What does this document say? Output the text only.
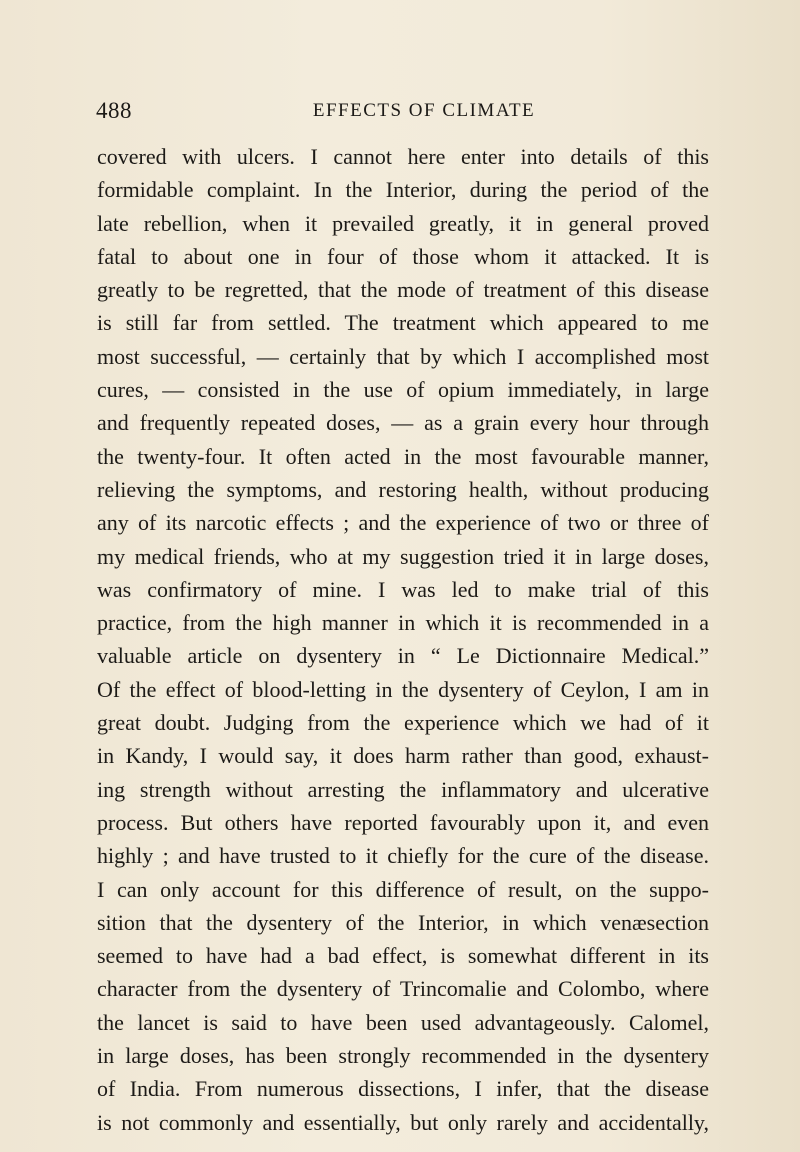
488	EFFECTS OF CLIMATE
covered with ulcers. I cannot here enter into details of this
formidable complaint. In the Interior, during the period of the
late rebellion, when it prevailed greatly, it in general proved
fatal to about one in four of those whom it attacked. It is
greatly to be regretted, that the mode of treatment of this disease
is still far from settled. The treatment which appeared to me
most successful, — certainly that by which I accomplished most
cures, — consisted in the use of opium immediately, in large
and frequently repeated doses, — as a grain every hour through
the twenty-four. It often acted in the most favourable manner,
relieving the symptoms, and restoring health, without producing
any of its narcotic effects ; and the experience of two or three of
my medical friends, who at my suggestion tried it in large doses,
was confirmatory of mine. I was led to make trial of this
practice, from the high manner in which it is recommended in a
valuable article on dysentery in “ Le Dictionnaire Medical.”
Of the effect of blood-letting in the dysentery of Ceylon, I am in
great doubt. Judging from the experience which we had of it
in Kandy, I would say, it does harm rather than good, exhaust-
ing strength without arresting the inflammatory and ulcerative
process. But others have reported favourably upon it, and even
highly ; and have trusted to it chiefly for the cure of the disease.
I can only account for this difference of result, on the suppo-
sition that the dysentery of the Interior, in which venæsection
seemed to have had a bad effect, is somewhat different in its
character from the dysentery of Trincomalie and Colombo, where
the lancet is said to have been used advantageously. Calomel,
in large doses, has been strongly recommended in the dysentery
of India. From numerous dissections, I infer, that the disease
is not commonly and essentially, but only rarely and accidentally,
